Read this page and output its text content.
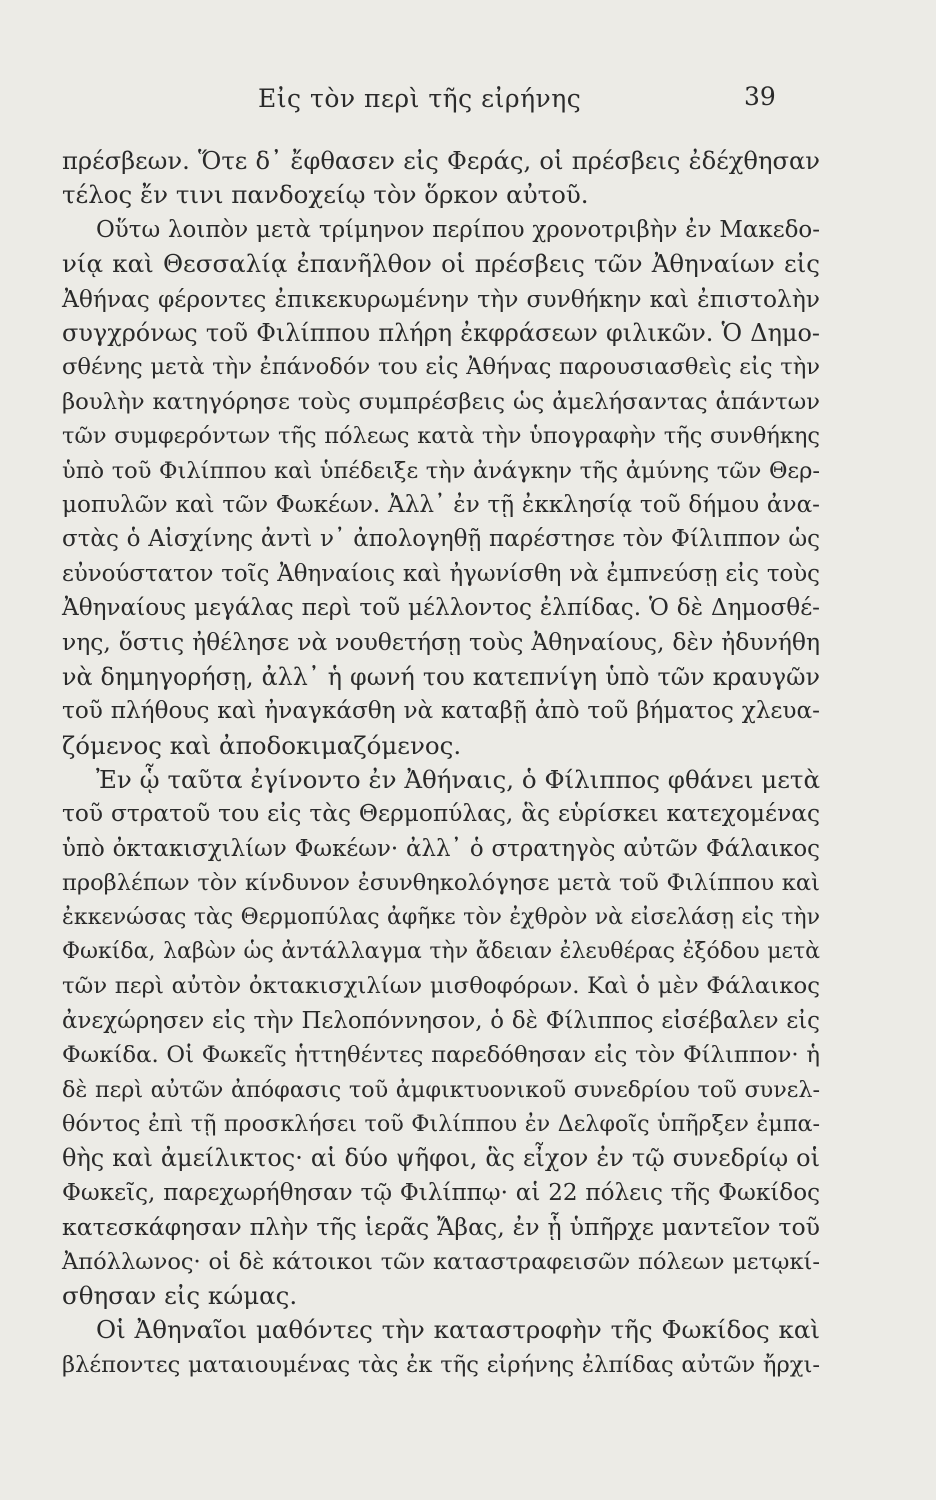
Εἰς τὸν περὶ τῆς εἰρήνης	39
πρέσβεων. Ὅτε δ᾽ ἔφθασεν εἰς Φεράς, οἱ πρέσβεις ἐδέχθησαν
τέλος ἔν τινι πανδοχείῳ τὸν ὅρκον αὐτοῦ.
Οὕτω λοιπὸν μετὰ τρίμηνον περίπου χρονοτριβὴν ἐν Μακεδο-
νίᾳ καὶ Θεσσαλίᾳ ἐπανῆλθον οἱ πρέσβεις τῶν Ἀθηναίων εἰς
Ἀθήνας φέροντες ἐπικεκυρωμένην τὴν συνθήκην καὶ ἐπιστολὴν
συγχρόνως τοῦ Φιλίππου πλήρη ἐκφράσεων φιλικῶν. Ὁ Δημο-
σθένης μετὰ τὴν ἐπάνοδόν του εἰς Ἀθήνας παρουσιασθεὶς εἰς τὴν
βουλὴν κατηγόρησε τοὺς συμπρέσβεις ὡς ἀμελήσαντας ἁπάντων
τῶν συμφερόντων τῆς πόλεως κατὰ τὴν ὑπογραφὴν τῆς συνθήκης
ὑπὸ τοῦ Φιλίππου καὶ ὑπέδειξε τὴν ἀνάγκην τῆς ἀμύνης τῶν Θερ-
μοπυλῶν καὶ τῶν Φωκέων. Ἀλλ᾽ ἐν τῇ ἐκκλησίᾳ τοῦ δήμου ἀνα-
στὰς ὁ Αἰσχίνης ἀντὶ ν᾽ ἀπολογηθῇ παρέστησε τὸν Φίλιππον ὡς
εὐνούστατον τοῖς Ἀθηναίοις καὶ ἠγωνίσθη νὰ ἐμπνεύσῃ εἰς τοὺς
Ἀθηναίους μεγάλας περὶ τοῦ μέλλοντος ἐλπίδας. Ὁ δὲ Δημοσθέ-
νης, ὅστις ἠθέλησε νὰ νουθετήσῃ τοὺς Ἀθηναίους, δὲν ἠδυνήθη
νὰ δημηγορήσῃ, ἀλλ᾽ ἡ φωνή του κατεπνίγη ὑπὸ τῶν κραυγῶν
τοῦ πλήθους καὶ ἠναγκάσθη νὰ καταβῇ ἀπὸ τοῦ βήματος χλευα-
ζόμενος καὶ ἀποδοκιμαζόμενος.
Ἐν ᾧ ταῦτα ἐγίνοντο ἐν Ἀθήναις, ὁ Φίλιππος φθάνει μετὰ
τοῦ στρατοῦ του εἰς τὰς Θερμοπύλας, ἃς εὑρίσκει κατεχομένας
ὑπὸ ὀκτακισχιλίων Φωκέων· ἀλλ᾽ ὁ στρατηγὸς αὐτῶν Φάλαικος
προβλέπων τὸν κίνδυνον ἐσυνθηκολόγησε μετὰ τοῦ Φιλίππου καὶ
ἐκκενώσας τὰς Θερμοπύλας ἀφῆκε τὸν ἐχθρὸν νὰ εἰσελάσῃ εἰς τὴν
Φωκίδα, λαβὼν ὡς ἀντάλλαγμα τὴν ἄδειαν ἐλευθέρας ἐξόδου μετὰ
τῶν περὶ αὐτὸν ὀκτακισχιλίων μισθοφόρων. Καὶ ὁ μὲν Φάλαικος
ἀνεχώρησεν εἰς τὴν Πελοπόννησον, ὁ δὲ Φίλιππος εἰσέβαλεν εἰς
Φωκίδα. Οἱ Φωκεῖς ἡττηθέντες παρεδόθησαν εἰς τὸν Φίλιππον· ἡ
δὲ περὶ αὐτῶν ἀπόφασις τοῦ ἀμφικτυονικοῦ συνεδρίου τοῦ συνελ-
θόντος ἐπὶ τῇ προσκλήσει τοῦ Φιλίππου ἐν Δελφοῖς ὑπῆρξεν ἐμπα-
θὴς καὶ ἀμείλικτος· αἱ δύο ψῆφοι, ἃς εἶχον ἐν τῷ συνεδρίῳ οἱ
Φωκεῖς, παρεχωρήθησαν τῷ Φιλίππῳ· αἱ 22 πόλεις τῆς Φωκίδος
κατεσκάφησαν πλὴν τῆς ἱερᾶς Ἄβας, ἐν ᾗ ὑπῆρχε μαντεῖον τοῦ
Ἀπόλλωνος· οἱ δὲ κάτοικοι τῶν καταστραφεισῶν πόλεων μετῳκί-
σθησαν εἰς κώμας.
Οἱ Ἀθηναῖοι μαθόντες τὴν καταστροφὴν τῆς Φωκίδος καὶ
βλέποντες ματαιουμένας τὰς ἐκ τῆς εἰρήνης ἐλπίδας αὐτῶν ἤρχι-
